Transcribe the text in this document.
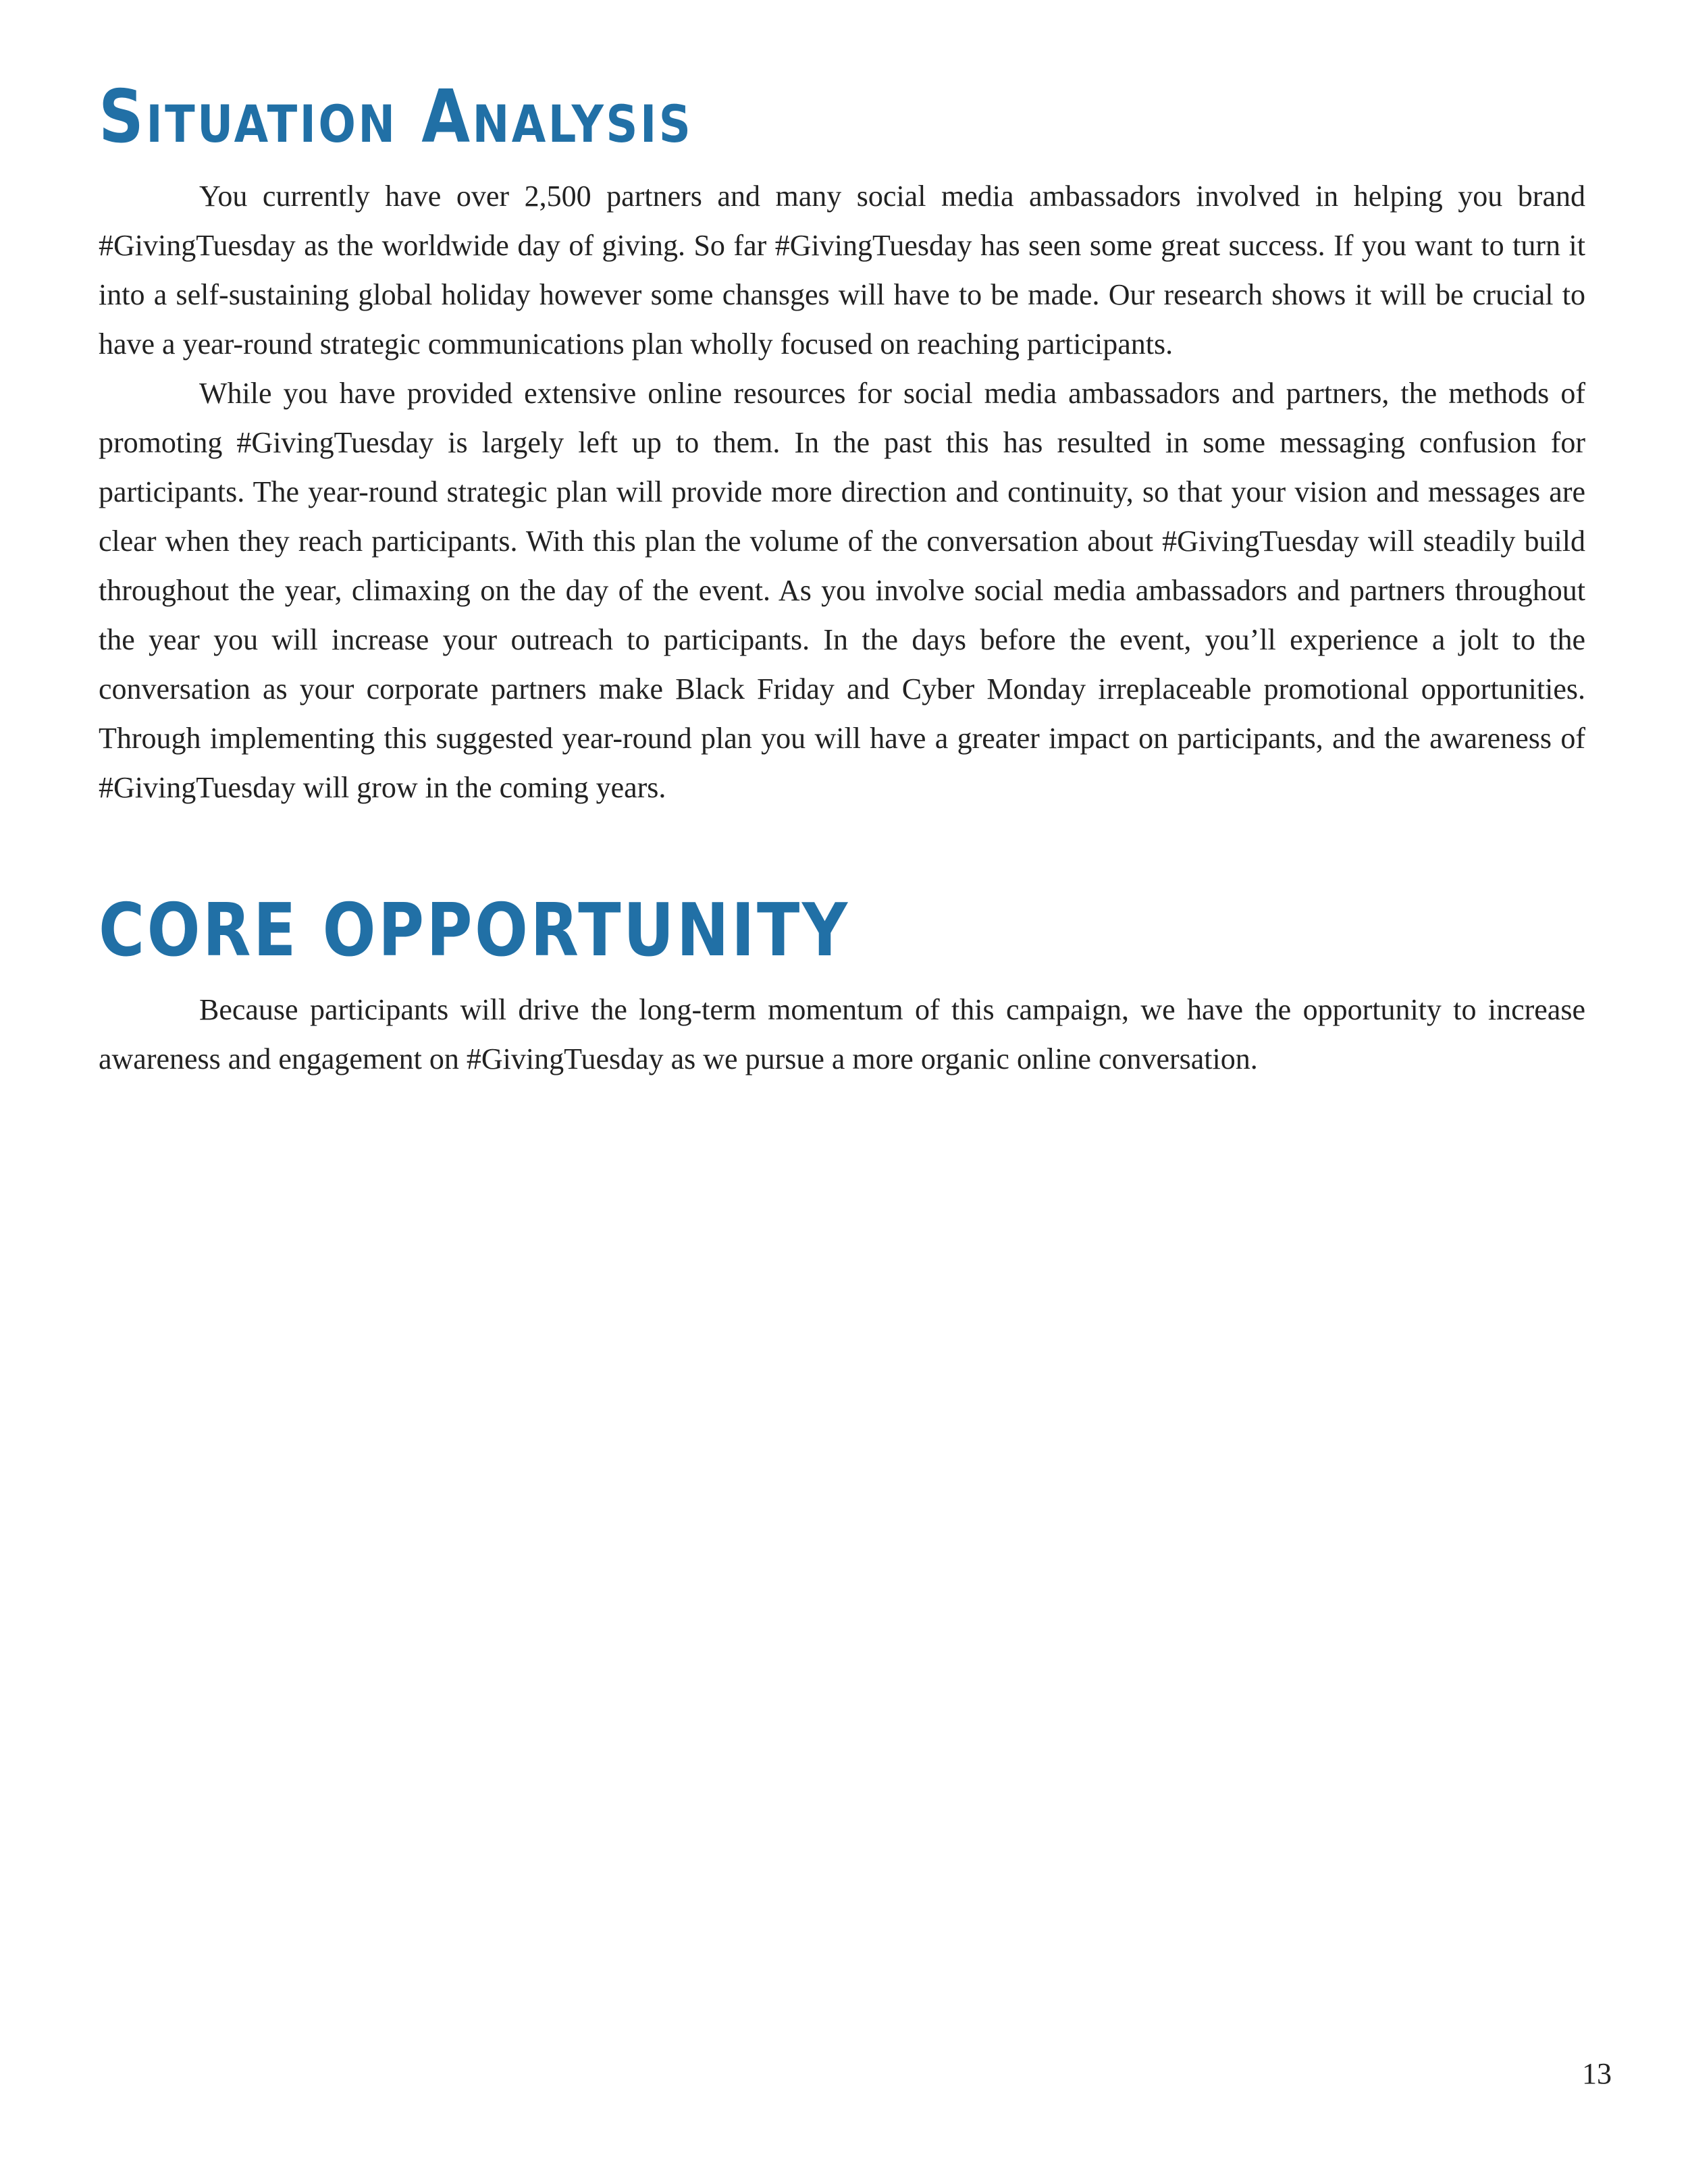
Situation Analysis

You currently have over 2,500 partners and many social media ambassadors involved in helping you brand #GivingTuesday as the worldwide day of giving. So far #GivingTuesday has seen some great success. If you want to turn it into a self-sustaining global holiday however some chansges will have to be made. Our research shows it will be crucial to have a year-round strategic communications plan wholly focused on reaching participants.

While you have provided extensive online resources for social media ambassadors and partners, the methods of promoting #GivingTuesday is largely left up to them. In the past this has resulted in some messaging confusion for participants. The year-round strategic plan will provide more direction and continuity, so that your vision and messages are clear when they reach participants. With this plan the volume of the conversation about #GivingTuesday will steadily build throughout the year, climaxing on the day of the event. As you involve social media ambassadors and partners throughout the year you will increase your outreach to participants. In the days before the event, you’ll experience a jolt to the conversation as your corporate partners make Black Friday and Cyber Monday irreplaceable promotional opportunities. Through implementing this suggested year-round plan you will have a greater impact on participants, and the awareness of #GivingTuesday will grow in the coming years.

CORE OPPORTUNITY

Because participants will drive the long-term momentum of this campaign, we have the opportunity to increase awareness and engagement on #GivingTuesday as we pursue a more organic online conversation.

13
